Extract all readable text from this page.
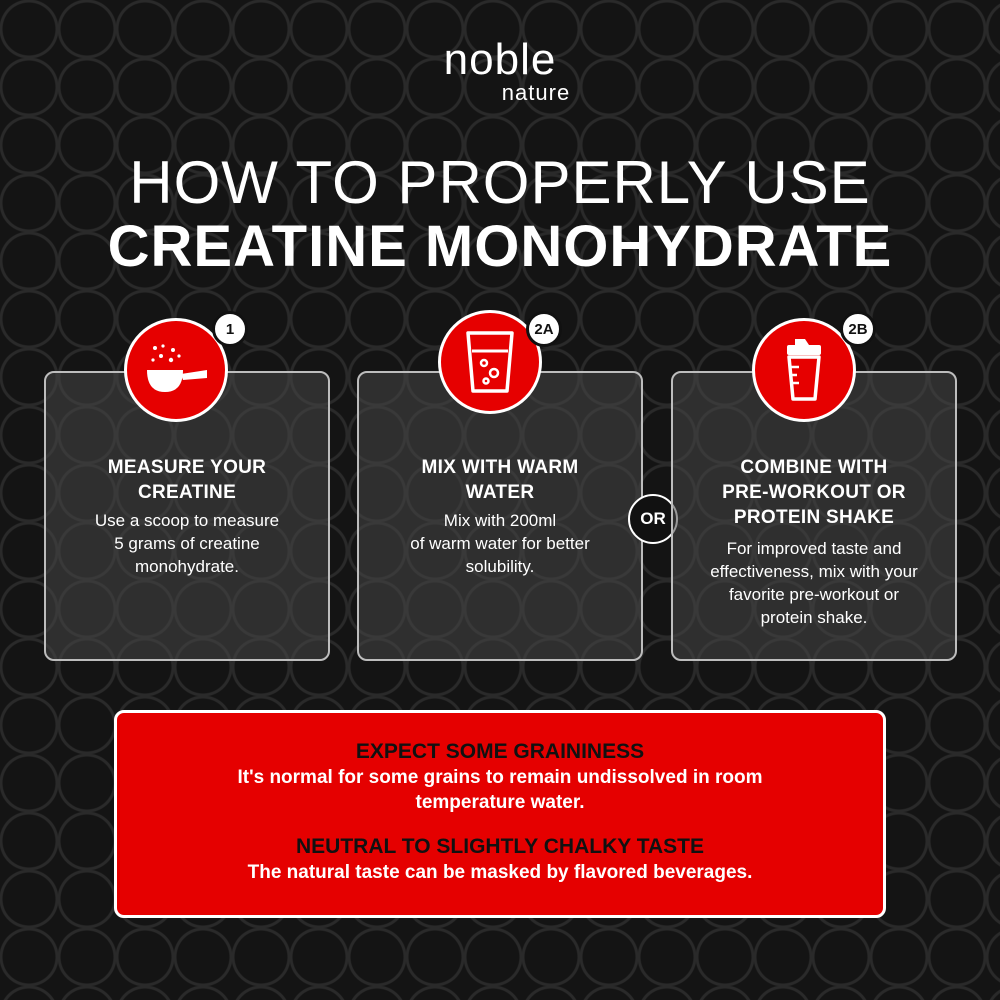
noble
nature
HOW TO PROPERLY USE
CREATINE MONOHYDRATE
MEASURE YOUR
CREATINE
Use a scoop to measure
5 grams of creatine
monohydrate.
1
MIX WITH WARM
WATER
Mix with 200ml
of warm water for better
solubility.
2A
OR
COMBINE WITH
PRE-WORKOUT OR
PROTEIN SHAKE
For improved taste and
effectiveness, mix with your
favorite pre-workout or
protein shake.
2B
EXPECT SOME GRAININESS
It's normal for some grains to remain undissolved in room
temperature water.
NEUTRAL TO SLIGHTLY CHALKY TASTE
The natural taste can be masked by flavored beverages.
